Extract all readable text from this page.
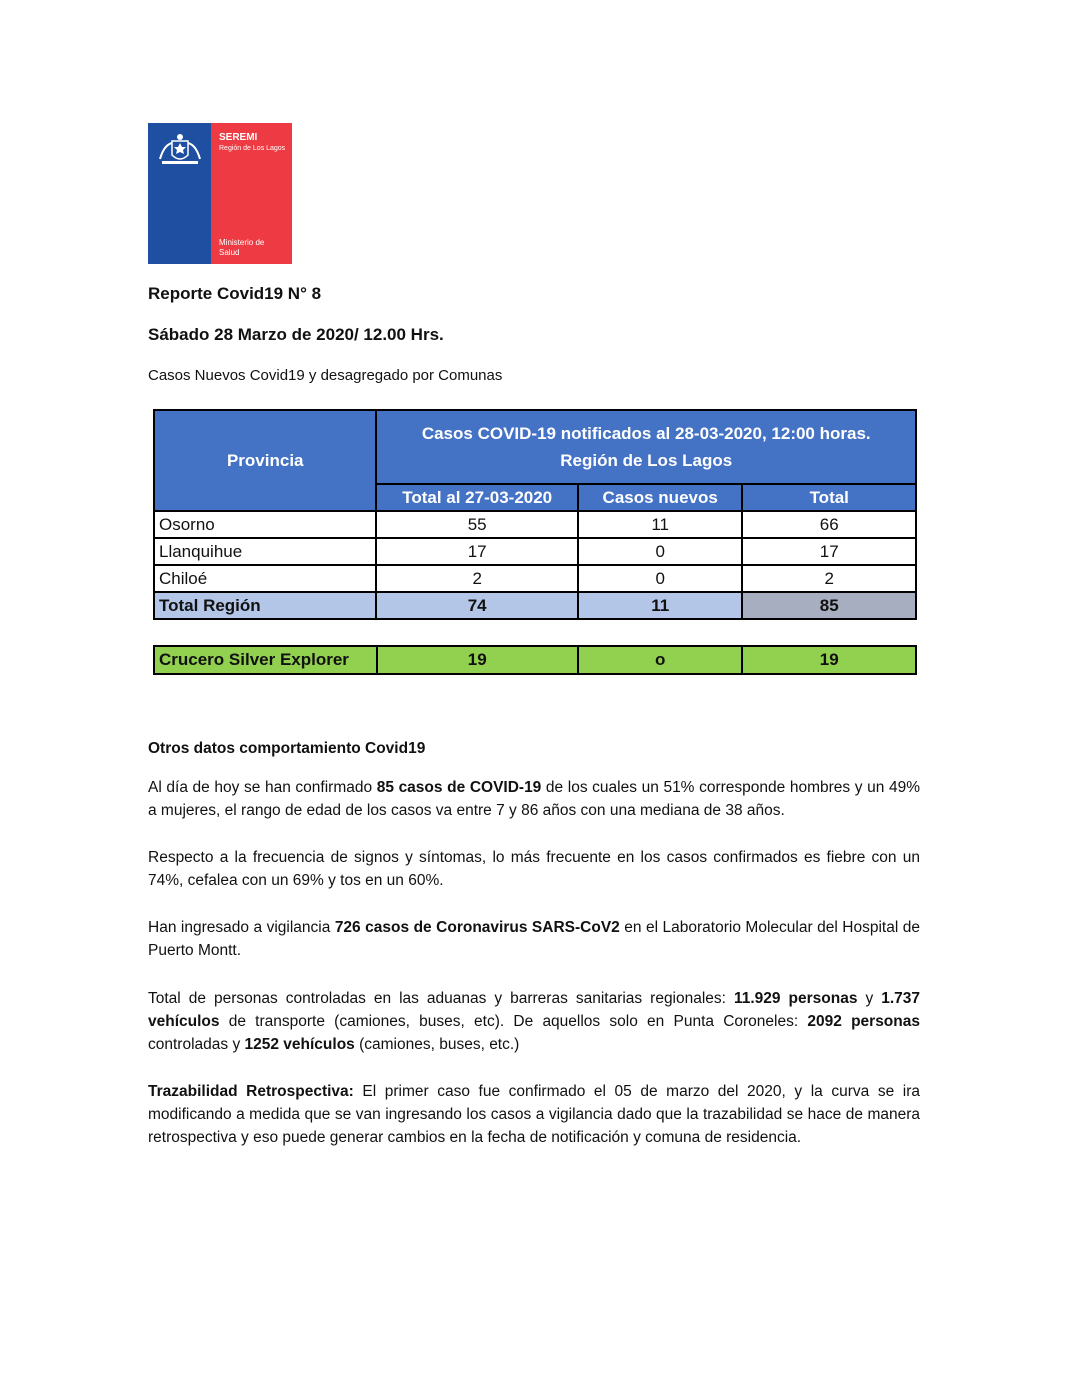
SEREMI
Región de Los Lagos
Ministerio de
Salud
Reporte Covid19 N° 8
Sábado 28 Marzo de 2020/ 12.00 Hrs.
Casos Nuevos Covid19 y desagregado por Comunas
Provincia	Casos COVID-19 notificados al 28-03-2020, 12:00 horas.
Región de Los Lagos		

	Total al 27-03-2020	Casos nuevos	Total
Osorno	55	11	66
Llanquihue	17	0	17
Chiloé	2	0	2
Total Región	74	11	85
Crucero Silver Explorer	19	o	19
Otros datos comportamiento Covid19
Al día de hoy se han confirmado 85 casos de COVID-19 de los cuales un 51% corresponde hombres y un 49% a mujeres, el rango de edad de los casos va entre 7 y 86 años con una mediana de 38 años.
Respecto a la frecuencia de signos y síntomas, lo más frecuente en los casos confirmados es fiebre con un 74%, cefalea con un 69% y tos en un 60%.
Han ingresado a vigilancia 726 casos de Coronavirus SARS-CoV2 en el Laboratorio Molecular del Hospital de Puerto Montt.
Total de personas controladas en las aduanas y barreras sanitarias regionales: 11.929 personas y 1.737 vehículos de transporte (camiones, buses, etc). De aquellos solo en Punta Coroneles: 2092 personas controladas y 1252 vehículos (camiones, buses, etc.)
Trazabilidad Retrospectiva: El primer caso fue confirmado el 05 de marzo del 2020, y la curva se ira modificando a medida que se van ingresando los casos a vigilancia dado que la trazabilidad se hace de manera retrospectiva y eso puede generar cambios en la fecha de notificación y comuna de residencia.
